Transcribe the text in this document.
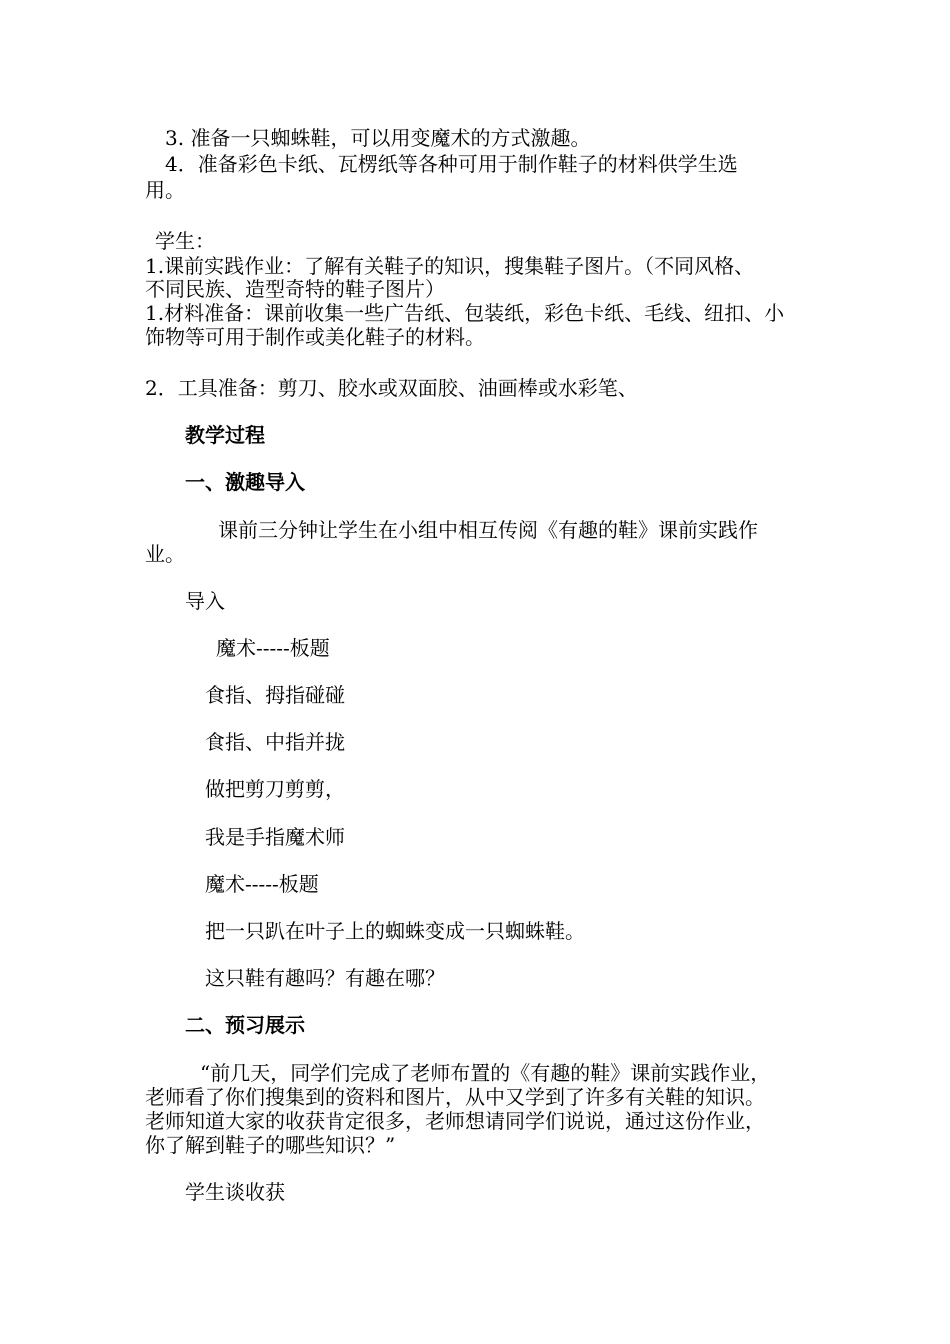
3. 准备一只蜘蛛鞋，可以用变魔术的方式激趣。

4．准备彩色卡纸、瓦楞纸等各种可用于制作鞋子的材料供学生选

用。

学生：

1.课前实践作业：了解有关鞋子的知识，搜集鞋子图片。（不同风格、

不同民族、造型奇特的鞋子图片）

1.材料准备：课前收集一些广告纸、包装纸，彩色卡纸、毛线、纽扣、小

饰物等可用于制作或美化鞋子的材料。

2．工具准备：剪刀、胶水或双面胶、油画棒或水彩笔、

教学过程

一、激趣导入

课前三分钟让学生在小组中相互传阅《有趣的鞋》课前实践作

业。

导入

魔术-----板题

食指、拇指碰碰

食指、中指并拢

做把剪刀剪剪，

我是手指魔术师

魔术-----板题

把一只趴在叶子上的蜘蛛变成一只蜘蛛鞋。

这只鞋有趣吗？有趣在哪？

二、预习展示

“前几天，同学们完成了老师布置的《有趣的鞋》课前实践作业，

老师看了你们搜集到的资料和图片，从中又学到了许多有关鞋的知识。

老师知道大家的收获肯定很多，老师想请同学们说说，通过这份作业，

你了解到鞋子的哪些知识？”

学生谈收获
